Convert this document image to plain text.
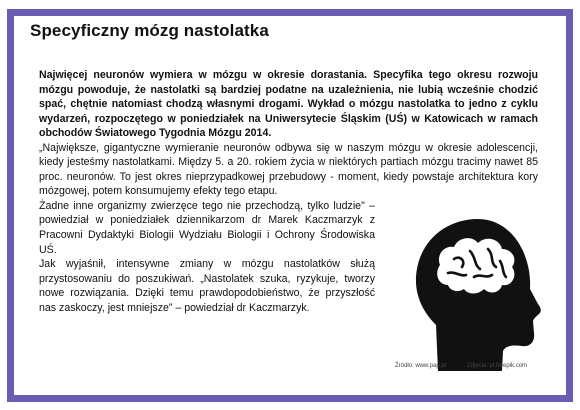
Specyficzny mózg nastolatka

Najwięcej neuronów wymiera w mózgu w okresie dorastania. Specyfika tego okresu rozwoju mózgu powoduje, że nastolatki są bardziej podatne na uzależnienia, nie lubią wcześnie chodzić spać, chętnie natomiast chodzą własnymi drogami. Wykład o mózgu nastolatka to jedno z cyklu wydarzeń, rozpoczętego w poniedziałek na Uniwersytecie Śląskim (UŚ) w Katowicach w ramach obchodów Światowego Tygodnia Mózgu 2014.

„Największe, gigantyczne wymieranie neuronów odbywa się w naszym mózgu w okresie adolescencji, kiedy jesteśmy nastolatkami. Między 5. a 20. rokiem życia w niektórych partiach mózgu tracimy nawet 85 proc. neuronów. To jest okres nieprzypadkowej przebudowy - moment, kiedy powstaje architektura kory mózgowej, potem konsumujemy efekty tego etapu.

Żadne inne organizmy zwierzęce tego nie przechodzą, tylko ludzie" – powiedział w poniedziałek dziennikarzom dr Marek Kaczmarzyk z Pracowni Dydaktyki Biologii Wydziału Biologii i Ochrony Środowiska UŚ.

Jak wyjaśnił, intensywne zmiany w mózgu nastolatków służą przystosowaniu do poszukiwań. „Nastolatek szuka, ryzykuje, tworzy nowe rozwiązania. Dzięki temu prawdopodobieństwo, że przyszłość nas zaskoczy, jest mniejsze” – powiedział dr Kaczmarzyk.

Źródło: www.pap.pl	Zdjęcia: pl.freepik.com
